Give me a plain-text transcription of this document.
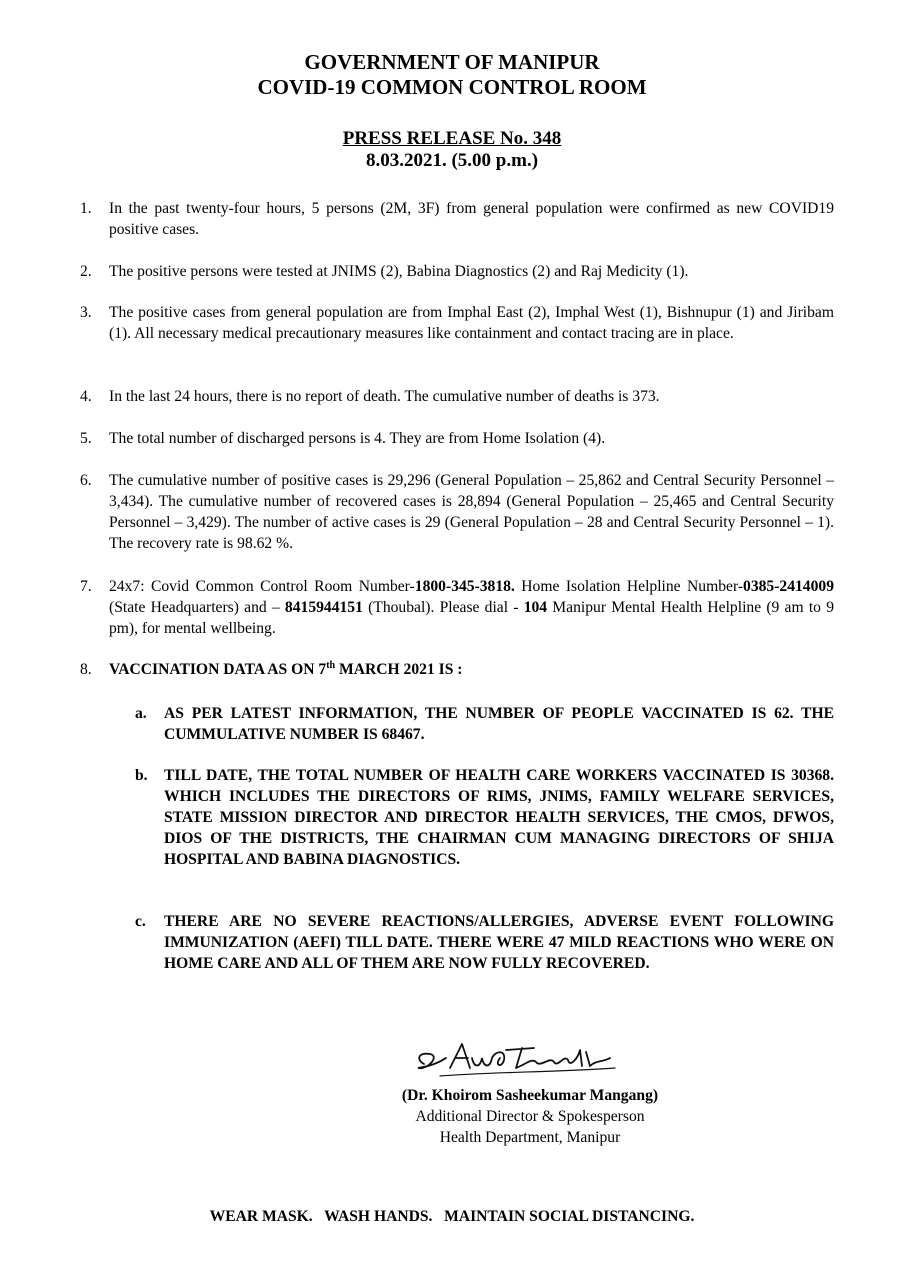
GOVERNMENT OF MANIPUR
COVID-19 COMMON CONTROL ROOM
PRESS RELEASE No. 348
8.03.2021. (5.00 p.m.)
1.	In the past twenty-four hours, 5 persons (2M, 3F) from general population were confirmed as new COVID19 positive cases.
2.	The positive persons were tested at JNIMS (2), Babina Diagnostics (2) and Raj Medicity (1).
3.	The positive cases from general population are from Imphal East (2), Imphal West (1), Bishnupur (1) and Jiribam (1). All necessary medical precautionary measures like containment and contact tracing are in place.
4.	In the last 24 hours, there is no report of death. The cumulative number of deaths is 373.
5.	The total number of discharged persons is 4. They are from Home Isolation (4).
6.	The cumulative number of positive cases is 29,296 (General Population – 25,862 and Central Security Personnel – 3,434). The cumulative number of recovered cases is 28,894 (General Population – 25,465 and Central Security Personnel – 3,429). The number of active cases is 29 (General Population – 28 and Central Security Personnel – 1). The recovery rate is 98.62 %.
7.	24x7: Covid Common Control Room Number-1800-345-3818. Home Isolation Helpline Number-0385-2414009 (State Headquarters) and – 8415944151 (Thoubal). Please dial - 104 Manipur Mental Health Helpline (9 am to 9 pm), for mental wellbeing.
8.	VACCINATION DATA AS ON 7th MARCH 2021 IS :
a. AS PER LATEST INFORMATION, THE NUMBER OF PEOPLE VACCINATED IS 62. THE CUMMULATIVE NUMBER IS 68467.
b. TILL DATE, THE TOTAL NUMBER OF HEALTH CARE WORKERS VACCINATED IS 30368. WHICH INCLUDES THE DIRECTORS OF RIMS, JNIMS, FAMILY WELFARE SERVICES, STATE MISSION DIRECTOR AND DIRECTOR HEALTH SERVICES, THE CMOS, DFWOS, DIOS OF THE DISTRICTS, THE CHAIRMAN CUM MANAGING DIRECTORS OF SHIJA HOSPITAL AND BABINA DIAGNOSTICS.
c. THERE ARE NO SEVERE REACTIONS/ALLERGIES, ADVERSE EVENT FOLLOWING IMMUNIZATION (AEFI) TILL DATE. THERE WERE 47 MILD REACTIONS WHO WERE ON HOME CARE AND ALL OF THEM ARE NOW FULLY RECOVERED.
(Dr. Khoirom Sasheekumar Mangang)
Additional Director & Spokesperson
Health Department, Manipur
WEAR MASK.   WASH HANDS.   MAINTAIN SOCIAL DISTANCING.
